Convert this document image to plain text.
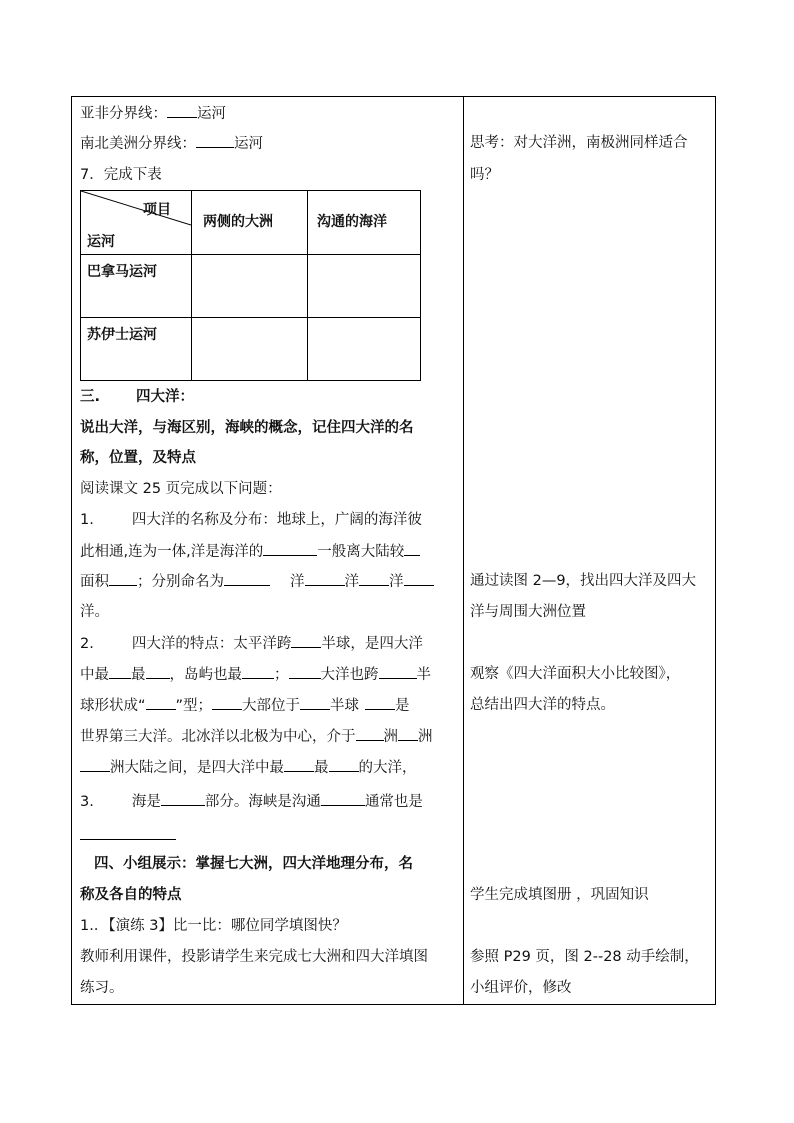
亚非分界线： 运河
南北美洲分界线：	运河
7．完成下表
项目
运河
两侧的大洲	沟通的海洋
巴拿马运河
苏伊士运河
三. 四大洋：
说出大洋，与海区别，海峡的概念，记住四大洋的名
称，位置，及特点
阅读课文 25 页完成以下问题：
1.	四大洋的名称及分布：地球上，广阔的海洋彼
此相通,连为一体,洋是海洋的	一般离大陆较
面积 ；分别命名为	洋	洋 洋
洋。
2.	四大洋的特点：太平洋跨 半球，是四大洋
中最 最 ，岛屿也最 ； 大洋也跨	半
球形状成“ ”型； 大部位于 半球 是
世界第三大洋。北冰洋以北极为中心，介于 洲 洲
洲大陆之间，是四大洋中最 最 的大洋，
3.	海是	部分。海峡是沟通	通常也是
四、小组展示：掌握七大洲，四大洋地理分布，名
称及各自的特点
1.．【演练 3】比一比：哪位同学填图快？
教师利用课件，投影请学生来完成七大洲和四大洋填图
练习。
思考：对大洋洲，南极洲同样适合
吗？
通过读图 2—9，找出四大洋及四大
洋与周围大洲位置
观察《四大洋面积大小比较图》，
总结出四大洋的特点。
学生完成填图册 ，巩固知识
参照 P29 页，图 2--28 动手绘制，
小组评价，修改
